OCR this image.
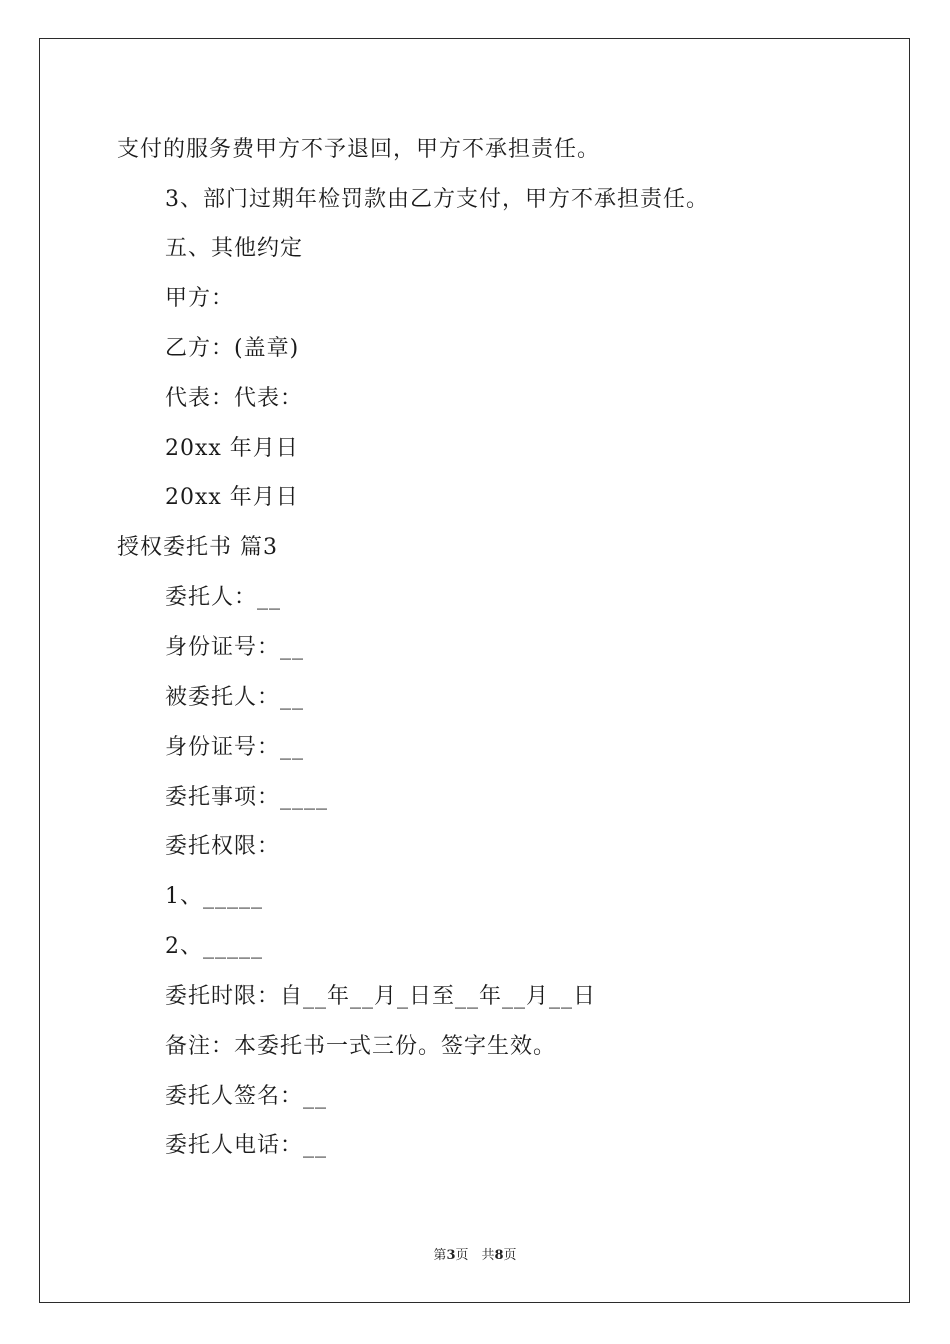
支付的服务费甲方不予退回，甲方不承担责任。
3、部门过期年检罚款由乙方支付，甲方不承担责任。
五、其他约定
甲方：
乙方：(盖章)
代表：代表：
20xx 年月日
20xx 年月日
授权委托书 篇3
委托人：__
身份证号：__
被委托人：__
身份证号：__
委托事项：____
委托权限：
1、_____
2、_____
委托时限：自__年__月_日至__年__月__日
备注：本委托书一式三份。签字生效。
委托人签名：__
委托人电话：__
第3页　共8页
